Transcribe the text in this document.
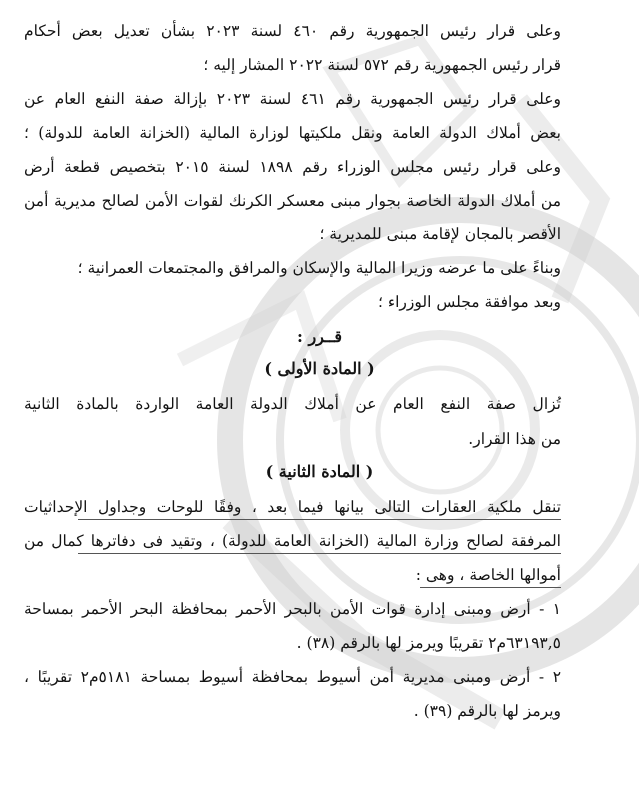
وعلى قرار رئيس الجمهورية رقم ٤٦٠ لسنة ٢٠٢٣ بشأن تعديل بعض أحكام
قرار رئيس الجمهورية رقم ٥٧٢ لسنة ٢٠٢٢ المشار إليه ؛
وعلى قرار رئيس الجمهورية رقم ٤٦١ لسنة ٢٠٢٣ بإزالة صفة النفع العام عن
بعض أملاك الدولة العامة ونقل ملكيتها لوزارة المالية (الخزانة العامة للدولة) ؛
وعلى قرار رئيس مجلس الوزراء رقم ١٨٩٨ لسنة ٢٠١٥ بتخصيص قطعة أرض
من أملاك الدولة الخاصة بجوار مبنى معسكر الكرنك لقوات الأمن لصالح مديرية أمن
الأقصر بالمجان لإقامة مبنى للمديرية ؛
وبناءً على ما عرضه وزيرا المالية والإسكان والمرافق والمجتمعات العمرانية ؛
وبعد موافقة مجلس الوزراء ؛
قــرر :
( المادة الأولى )
تُزال صفة النفع العام عن أملاك الدولة العامة الواردة بالمادة الثانية
من هذا القرار.
( المادة الثانية )
تنقل ملكية العقارات التالى بيانها فيما بعد ، وفقًا للوحات وجداول الإحداثيات
المرفقة لصالح وزارة المالية (الخزانة العامة للدولة) ، وتقيد فى دفاترها كمال من
أموالها الخاصة ، وهى :
١ - أرض ومبنى إدارة قوات الأمن بالبحر الأحمر بمحافظة البحر الأحمر بمساحة
٦٣١٩٣,٥م٢ تقريبًا ويرمز لها بالرقم (٣٨) .
٢ - أرض ومبنى مديرية أمن أسيوط بمحافظة أسيوط بمساحة ٥١٨١م٢ تقريبًا ،
ويرمز لها بالرقم (٣٩) .
